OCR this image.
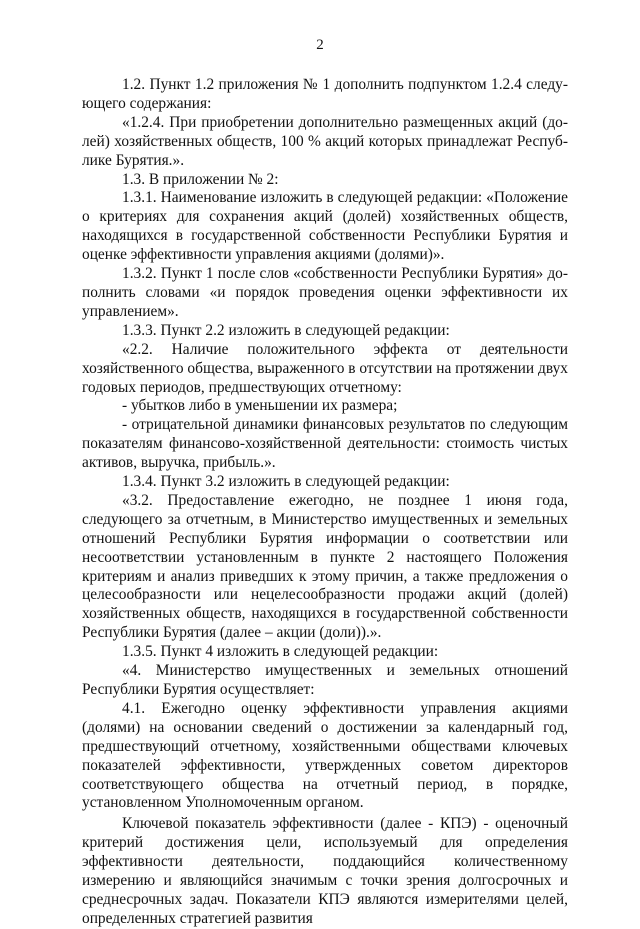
2

1.2. Пункт 1.2 приложения № 1 дополнить подпунктом 1.2.4 следующего содержания:

«1.2.4. При приобретении дополнительно размещенных акций (долей) хозяйственных обществ, 100 % акций которых принадлежат Республике Бурятия.».

1.3. В приложении № 2:

1.3.1. Наименование изложить в следующей редакции: «Положение о критериях для сохранения акций (долей) хозяйственных обществ, находящихся в государственной собственности Республики Бурятия и оценке эффективности управления акциями (долями)».

1.3.2. Пункт 1 после слов «собственности Республики Бурятия» дополнить словами «и порядок проведения оценки эффективности их управлением».

1.3.3. Пункт 2.2 изложить в следующей редакции:

«2.2. Наличие положительного эффекта от деятельности хозяйственного общества, выраженного в отсутствии на протяжении двух годовых периодов, предшествующих отчетному:

- убытков либо в уменьшении их размера;

- отрицательной динамики финансовых результатов по следующим показателям финансово-хозяйственной деятельности: стоимость чистых активов, выручка, прибыль.».

1.3.4. Пункт 3.2 изложить в следующей редакции:

«3.2. Предоставление ежегодно, не позднее 1 июня года, следующего за отчетным, в Министерство имущественных и земельных отношений Республики Бурятия информации о соответствии или несоответствии установленным в пункте 2 настоящего Положения критериям и анализ приведших к этому причин, а также предложения о целесообразности или нецелесообразности продажи акций (долей) хозяйственных обществ, находящихся в государственной собственности Республики Бурятия (далее – акции (доли)).».

1.3.5. Пункт 4 изложить в следующей редакции:

«4. Министерство имущественных и земельных отношений Республики Бурятия осуществляет:

4.1. Ежегодно оценку эффективности управления акциями (долями) на основании сведений о достижении за календарный год, предшествующий отчетному, хозяйственными обществами ключевых показателей эффективности, утвержденных советом директоров соответствующего общества на отчетный период, в порядке, установленном Уполномоченным органом.

Ключевой показатель эффективности (далее - КПЭ) - оценочный критерий достижения цели, используемый для определения эффективности деятельности, поддающийся количественному измерению и являющийся значимым с точки зрения долгосрочных и среднесрочных задач. Показатели КПЭ являются измерителями целей, определенных стратегией развития
